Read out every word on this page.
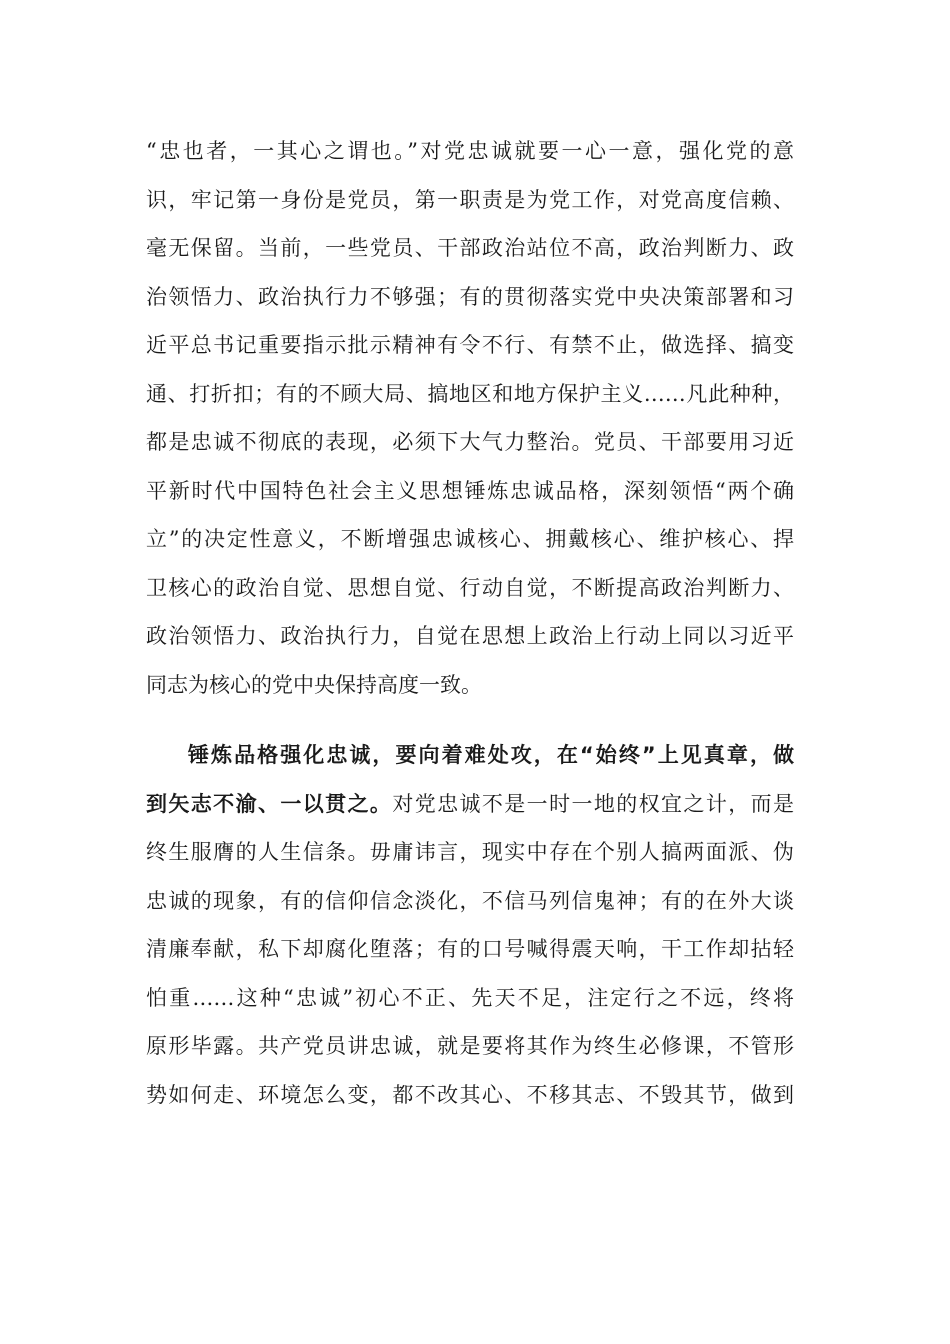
“忠也者，一其心之谓也。”对党忠诚就要一心一意，强化党的意
识，牢记第一身份是党员，第一职责是为党工作，对党高度信赖、
毫无保留。当前，一些党员、干部政治站位不高，政治判断力、政
治领悟力、政治执行力不够强；有的贯彻落实党中央决策部署和习
近平总书记重要指示批示精神有令不行、有禁不止，做选择、搞变
通、打折扣；有的不顾大局、搞地区和地方保护主义……凡此种种，
都是忠诚不彻底的表现，必须下大气力整治。党员、干部要用习近
平新时代中国特色社会主义思想锤炼忠诚品格，深刻领悟“两个确
立”的决定性意义，不断增强忠诚核心、拥戴核心、维护核心、捍
卫核心的政治自觉、思想自觉、行动自觉，不断提高政治判断力、
政治领悟力、政治执行力，自觉在思想上政治上行动上同以习近平
同志为核心的党中央保持高度一致。
锤炼品格强化忠诚，要向着难处攻，在“始终”上见真章，做
到矢志不渝、一以贯之。对党忠诚不是一时一地的权宜之计，而是
终生服膺的人生信条。毋庸讳言，现实中存在个别人搞两面派、伪
忠诚的现象，有的信仰信念淡化，不信马列信鬼神；有的在外大谈
清廉奉献，私下却腐化堕落；有的口号喊得震天响，干工作却拈轻
怕重……这种“忠诚”初心不正、先天不足，注定行之不远，终将
原形毕露。共产党员讲忠诚，就是要将其作为终生必修课，不管形
势如何走、环境怎么变，都不改其心、不移其志、不毁其节，做到
